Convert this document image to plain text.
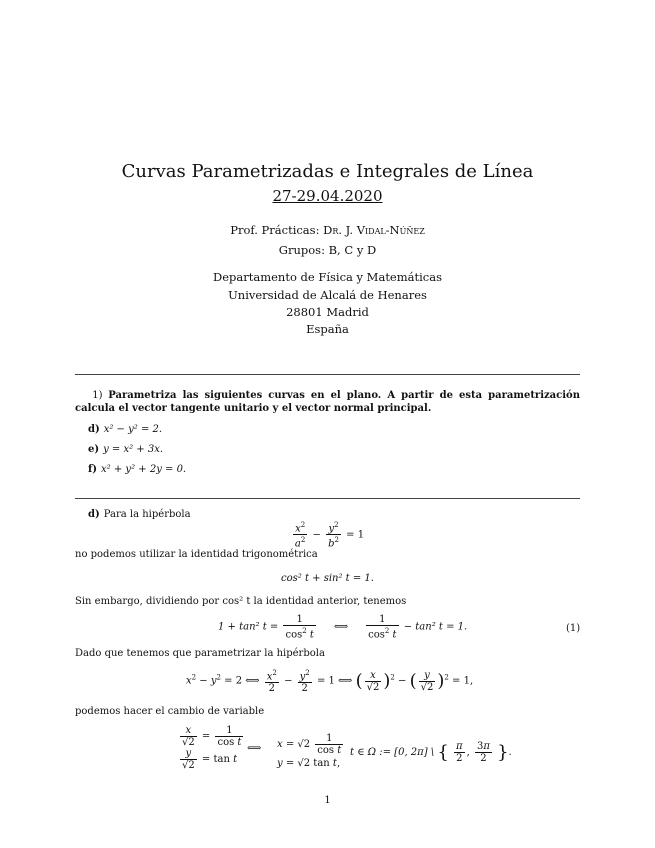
Curvas Parametrizadas e Integrales de Línea
27-29.04.2020
Prof. Prácticas: Dr. J. Vidal-Núñez
Grupos: B, C y D
Departamento de Física y Matemáticas
Universidad de Alcalá de Henares
28801 Madrid
España
1) Parametriza las siguientes curvas en el plano. A partir de esta parametrización calcula el vector tangente unitario y el vector normal principal.
d) x² − y² = 2.
e) y = x² + 3x.
f) x² + y² + 2y = 0.
d) Para la hipérbola
$\frac{x^2}{a^2} - \frac{y^2}{b^2} = 1$
no podemos utilizar la identidad trigonométrica
cos² t + sin² t = 1.
Sin embargo, dividiendo por cos² t la identidad anterior, tenemos
1 + tan² $t = \frac{1}{\cos^2 t}$ ⟺ $\frac{1}{\cos^2 t} - \tan^2$ t = 1.	(1)
Dado que tenemos que parametrizar la hipérbola
$x^2 - y^2 = 2$ ⟺ $\frac{x^2}{2} - \frac{y^2}{2} = 1$ ⟺ ( $\frac{x}{√2} )^2$ − ( $\frac{y}{√2} )^2 = 1$,
podemos hacer el cambio de variable
$\frac{x}{√2} = \frac{1}{\text{cos t}}$
$\frac{y}{√2} = \tan t$
⟺ $x = √2 \frac{1}{\text{cos t}}$
y = √2 tan t,
t ∈ Ω := [0, 2π] \ { $\frac{\pi}{2}$ , $\frac{3\pi}{2}$ }.
1
